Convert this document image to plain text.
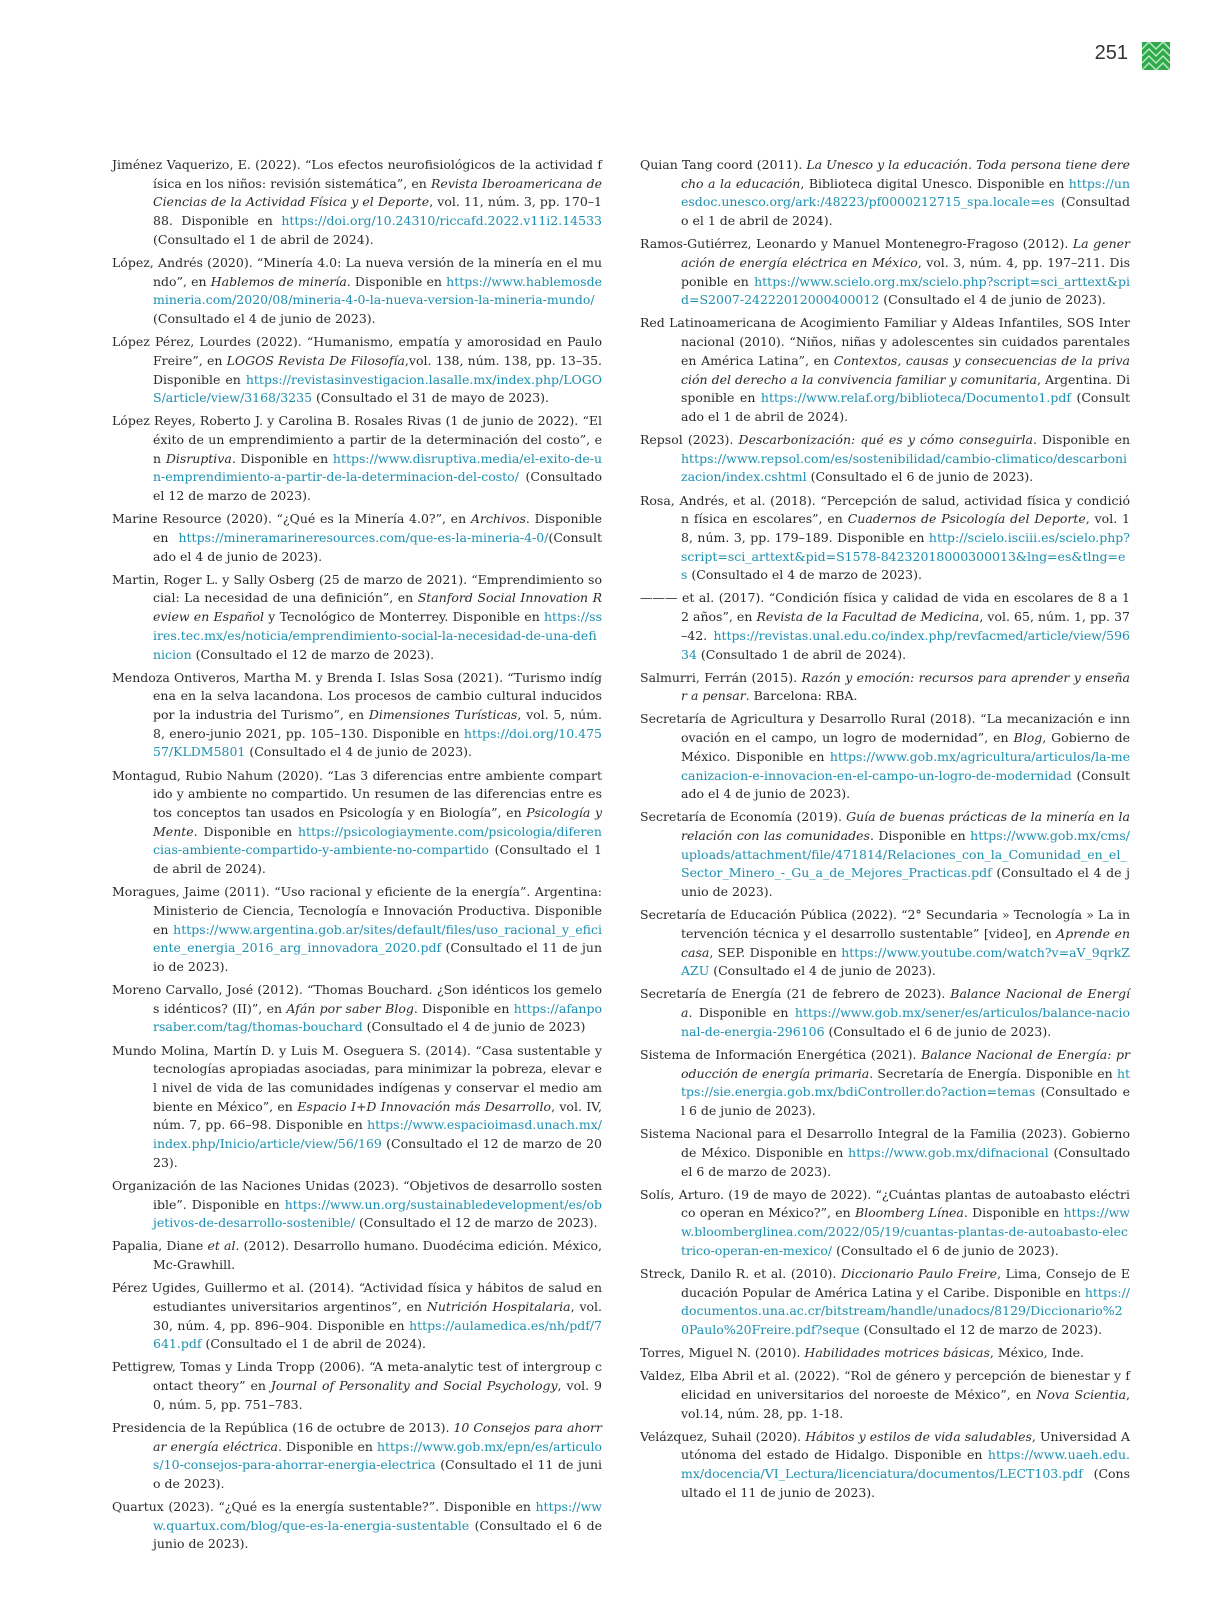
251

Jiménez Vaquerizo, E. (2022). “Los efectos neurofisiológicos de la actividad física en los niños: revisión sistemática”, en Revista Iberoamericana de Ciencias de la Actividad Física y el Deporte, vol. 11, núm. 3, pp. 170–188. Disponible en https://doi.org/10.24310/riccafd.2022.v11i2.14533 (Consultado el 1 de abril de 2024).

López, Andrés (2020). “Minería 4.0: La nueva versión de la minería en el mundo”, en Hablemos de minería. Disponible en https://www.hablemosdemineria.com/2020/08/mineria-4-0-la-nueva-version-la-mineria-mundo/ (Consultado el 4 de junio de 2023).

López Pérez, Lourdes (2022). “Humanismo, empatía y amorosidad en Paulo Freire”, en LOGOS Revista De Filosofía,vol. 138, núm. 138, pp. 13–35. Disponible en https://revistasinvestigacion.lasalle.mx/index.php/LOGOS/article/view/3168/3235 (Consultado el 31 de mayo de 2023).

López Reyes, Roberto J. y Carolina B. Rosales Rivas (1 de junio de 2022). “El éxito de un emprendimiento a partir de la determinación del costo”, en Disruptiva. Disponible en https://www.disruptiva.media/el-exito-de-un-emprendimiento-a-partir-de-la-determinacion-del-costo/ (Consultado el 12 de marzo de 2023).

Marine Resource (2020). “¿Qué es la Minería 4.0?”, en Archivos. Disponible en https://mineramarineresources.com/que-es-la-mineria-4-0/(Consultado el 4 de junio de 2023).

Martin, Roger L. y Sally Osberg (25 de marzo de 2021). “Emprendimiento social: La necesidad de una definición”, en Stanford Social Innovation Review en Español y Tecnológico de Monterrey. Disponible en https://ssires.tec.mx/es/noticia/emprendimiento-social-la-necesidad-de-una-definicion (Consultado el 12 de marzo de 2023).

Mendoza Ontiveros, Martha M. y Brenda I. Islas Sosa (2021). “Turismo indígena en la selva lacandona. Los procesos de cambio cultural inducidos por la industria del Turismo”, en Dimensiones Turísticas, vol. 5, núm. 8, enero-junio 2021, pp. 105–130. Disponible en https://doi.org/10.47557/KLDM5801 (Consultado el 4 de junio de 2023).

Montagud, Rubio Nahum (2020). “Las 3 diferencias entre ambiente compartido y ambiente no compartido. Un resumen de las diferencias entre estos conceptos tan usados en Psicología y en Biología”, en Psicología y Mente. Disponible en https://psicologiaymente.com/psicologia/diferencias-ambiente-compartido-y-ambiente-no-compartido (Consultado el 1 de abril de 2024).

Moragues, Jaime (2011). “Uso racional y eficiente de la energía”. Argentina: Ministerio de Ciencia, Tecnología e Innovación Productiva. Disponible en https://www.argentina.gob.ar/sites/default/files/uso_racional_y_eficiente_energia_2016_arg_innovadora_2020.pdf (Consultado el 11 de junio de 2023).

Moreno Carvallo, José (2012). “Thomas Bouchard. ¿Son idénticos los gemelos idénticos? (II)”, en Afán por saber Blog. Disponible en https://afanporsaber.com/tag/thomas-bouchard (Consultado el 4 de junio de 2023)

Mundo Molina, Martín D. y Luis M. Oseguera S. (2014). “Casa sustentable y tecnologías apropiadas asociadas, para minimizar la pobreza, elevar el nivel de vida de las comunidades indígenas y conservar el medio ambiente en México”, en Espacio I+D Innovación más Desarrollo, vol. IV, núm. 7, pp. 66–98. Disponible en https://www.espacioimasd.unach.mx/index.php/Inicio/article/view/56/169 (Consultado el 12 de marzo de 2023).

Organización de las Naciones Unidas (2023). “Objetivos de desarrollo sostenible”. Disponible en https://www.un.org/sustainabledevelopment/es/objetivos-de-desarrollo-sostenible/ (Consultado el 12 de marzo de 2023).

Papalia, Diane et al. (2012). Desarrollo humano. Duodécima edición. México, Mc-Grawhill.

Pérez Ugides, Guillermo et al. (2014). “Actividad física y hábitos de salud en estudiantes universitarios argentinos”, en Nutrición Hospitalaria, vol. 30, núm. 4, pp. 896–904. Disponible en https://aulamedica.es/nh/pdf/7641.pdf (Consultado el 1 de abril de 2024).

Pettigrew, Tomas y Linda Tropp (2006). “A meta-analytic test of intergroup contact theory” en Journal of Personality and Social Psychology, vol. 90, núm. 5, pp. 751–783.

Presidencia de la República (16 de octubre de 2013). 10 Consejos para ahorrar energía eléctrica. Disponible en https://www.gob.mx/epn/es/articulos/10-consejos-para-ahorrar-energia-electrica (Consultado el 11 de junio de 2023).

Quartux (2023). “¿Qué es la energía sustentable?”. Disponible en https://www.quartux.com/blog/que-es-la-energia-sustentable (Consultado el 6 de junio de 2023).

Quian Tang coord (2011). La Unesco y la educación. Toda persona tiene derecho a la educación, Biblioteca digital Unesco. Disponible en https://unesdoc.unesco.org/ark:/48223/pf0000212715_spa.locale=es (Consultado el 1 de abril de 2024).

Ramos-Gutiérrez, Leonardo y Manuel Montenegro-Fragoso (2012). La generación de energía eléctrica en México, vol. 3, núm. 4, pp. 197–211. Disponible en https://www.scielo.org.mx/scielo.php?script=sci_arttext&pid=S2007-24222012000400012 (Consultado el 4 de junio de 2023).

Red Latinoamericana de Acogimiento Familiar y Aldeas Infantiles, SOS Internacional (2010). “Niños, niñas y adolescentes sin cuidados parentales en América Latina”, en Contextos, causas y consecuencias de la privación del derecho a la convivencia familiar y comunitaria, Argentina. Disponible en https://www.relaf.org/biblioteca/Documento1.pdf (Consultado el 1 de abril de 2024).

Repsol (2023). Descarbonización: qué es y cómo conseguirla. Disponible en https://www.repsol.com/es/sostenibilidad/cambio-climatico/descarbonizacion/index.cshtml (Consultado el 6 de junio de 2023).

Rosa, Andrés, et al. (2018). “Percepción de salud, actividad física y condición física en escolares”, en Cuadernos de Psicología del Deporte, vol. 18, núm. 3, pp. 179–189. Disponible en http://scielo.isciii.es/scielo.php?script=sci_arttext&pid=S1578-84232018000300013&lng=es&tlng=es (Consultado el 4 de marzo de 2023).

——— et al. (2017). “Condición física y calidad de vida en escolares de 8 a 12 años”, en Revista de la Facultad de Medicina, vol. 65, núm. 1, pp. 37–42. https://revistas.unal.edu.co/index.php/revfacmed/article/view/59634 (Consultado 1 de abril de 2024).

Salmurri, Ferrán (2015). Razón y emoción: recursos para aprender y enseñar a pensar. Barcelona: RBA.

Secretaría de Agricultura y Desarrollo Rural (2018). “La mecanización e innovación en el campo, un logro de modernidad”, en Blog, Gobierno de México. Disponible en https://www.gob.mx/agricultura/articulos/la-mecanizacion-e-innovacion-en-el-campo-un-logro-de-modernidad (Consultado el 4 de junio de 2023).

Secretaría de Economía (2019). Guía de buenas prácticas de la minería en la relación con las comunidades. Disponible en https://www.gob.mx/cms/uploads/attachment/file/471814/Relaciones_con_la_Comunidad_en_el_Sector_Minero_-_Gu_a_de_Mejores_Practicas.pdf (Consultado el 4 de junio de 2023).

Secretaría de Educación Pública (2022). “2° Secundaria » Tecnología » La intervención técnica y el desarrollo sustentable” [video], en Aprende en casa, SEP. Disponible en https://www.youtube.com/watch?v=aV_9qrkZAZU (Consultado el 4 de junio de 2023).

Secretaría de Energía (21 de febrero de 2023). Balance Nacional de Energía. Disponible en https://www.gob.mx/sener/es/articulos/balance-nacional-de-energia-296106 (Consultado el 6 de junio de 2023).

Sistema de Información Energética (2021). Balance Nacional de Energía: producción de energía primaria. Secretaría de Energía. Disponible en https://sie.energia.gob.mx/bdiController.do?action=temas (Consultado el 6 de junio de 2023).

Sistema Nacional para el Desarrollo Integral de la Familia (2023). Gobierno de México. Disponible en https://www.gob.mx/difnacional (Consultado el 6 de marzo de 2023).

Solís, Arturo. (19 de mayo de 2022). “¿Cuántas plantas de autoabasto eléctrico operan en México?”, en Bloomberg Línea. Disponible en https://www.bloomberglinea.com/2022/05/19/cuantas-plantas-de-autoabasto-electrico-operan-en-mexico/ (Consultado el 6 de junio de 2023).

Streck, Danilo R. et al. (2010). Diccionario Paulo Freire, Lima, Consejo de Educación Popular de América Latina y el Caribe. Disponible en https://documentos.una.ac.cr/bitstream/handle/unadocs/8129/Diccionario%20Paulo%20Freire.pdf?seque (Consultado el 12 de marzo de 2023).

Torres, Miguel N. (2010). Habilidades motrices básicas, México, Inde.

Valdez, Elba Abril et al. (2022). “Rol de género y percepción de bienestar y felicidad en universitarios del noroeste de México”, en Nova Scientia, vol.14, núm. 28, pp. 1-18.

Velázquez, Suhail (2020). Hábitos y estilos de vida saludables, Universidad Autónoma del estado de Hidalgo. Disponible en https://www.uaeh.edu.mx/docencia/VI_Lectura/licenciatura/documentos/LECT103.pdf (Consultado el 11 de junio de 2023).
